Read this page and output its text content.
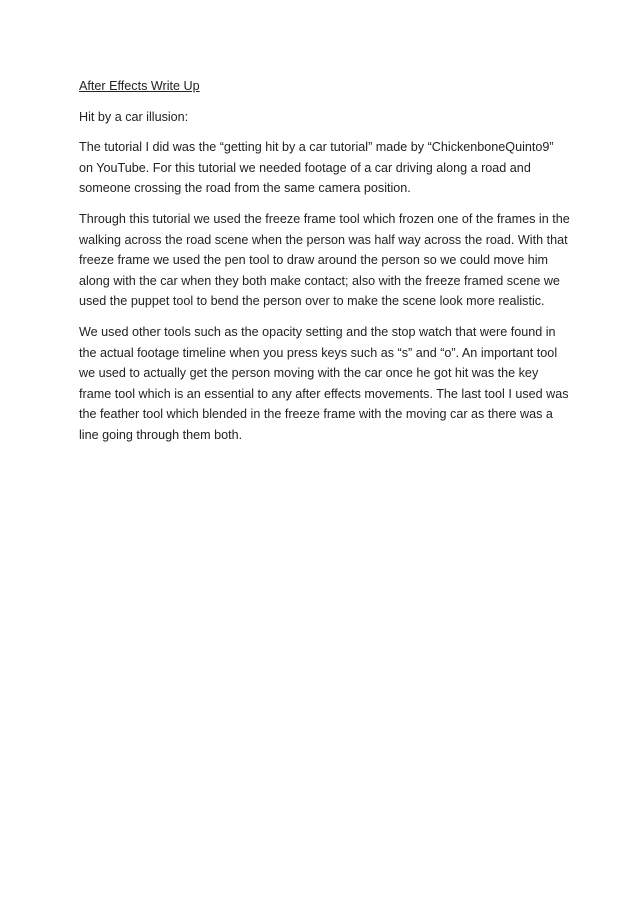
After Effects Write Up

Hit by a car illusion:

The tutorial I did was the “getting hit by a car tutorial” made by “ChickenboneQuinto9” on YouTube. For this tutorial we needed footage of a car driving along a road and someone crossing the road from the same camera position.

Through this tutorial we used the freeze frame tool which frozen one of the frames in the walking across the road scene when the person was half way across the road. With that freeze frame we used the pen tool to draw around the person so we could move him along with the car when they both make contact; also with the freeze framed scene we used the puppet tool to bend the person over to make the scene look more realistic.

We used other tools such as the opacity setting and the stop watch that were found in the actual footage timeline when you press keys such as “s” and “o”. An important tool we used to actually get the person moving with the car once he got hit was the key frame tool which is an essential to any after effects movements. The last tool I used was the feather tool which blended in the freeze frame with the moving car as there was a line going through them both.
